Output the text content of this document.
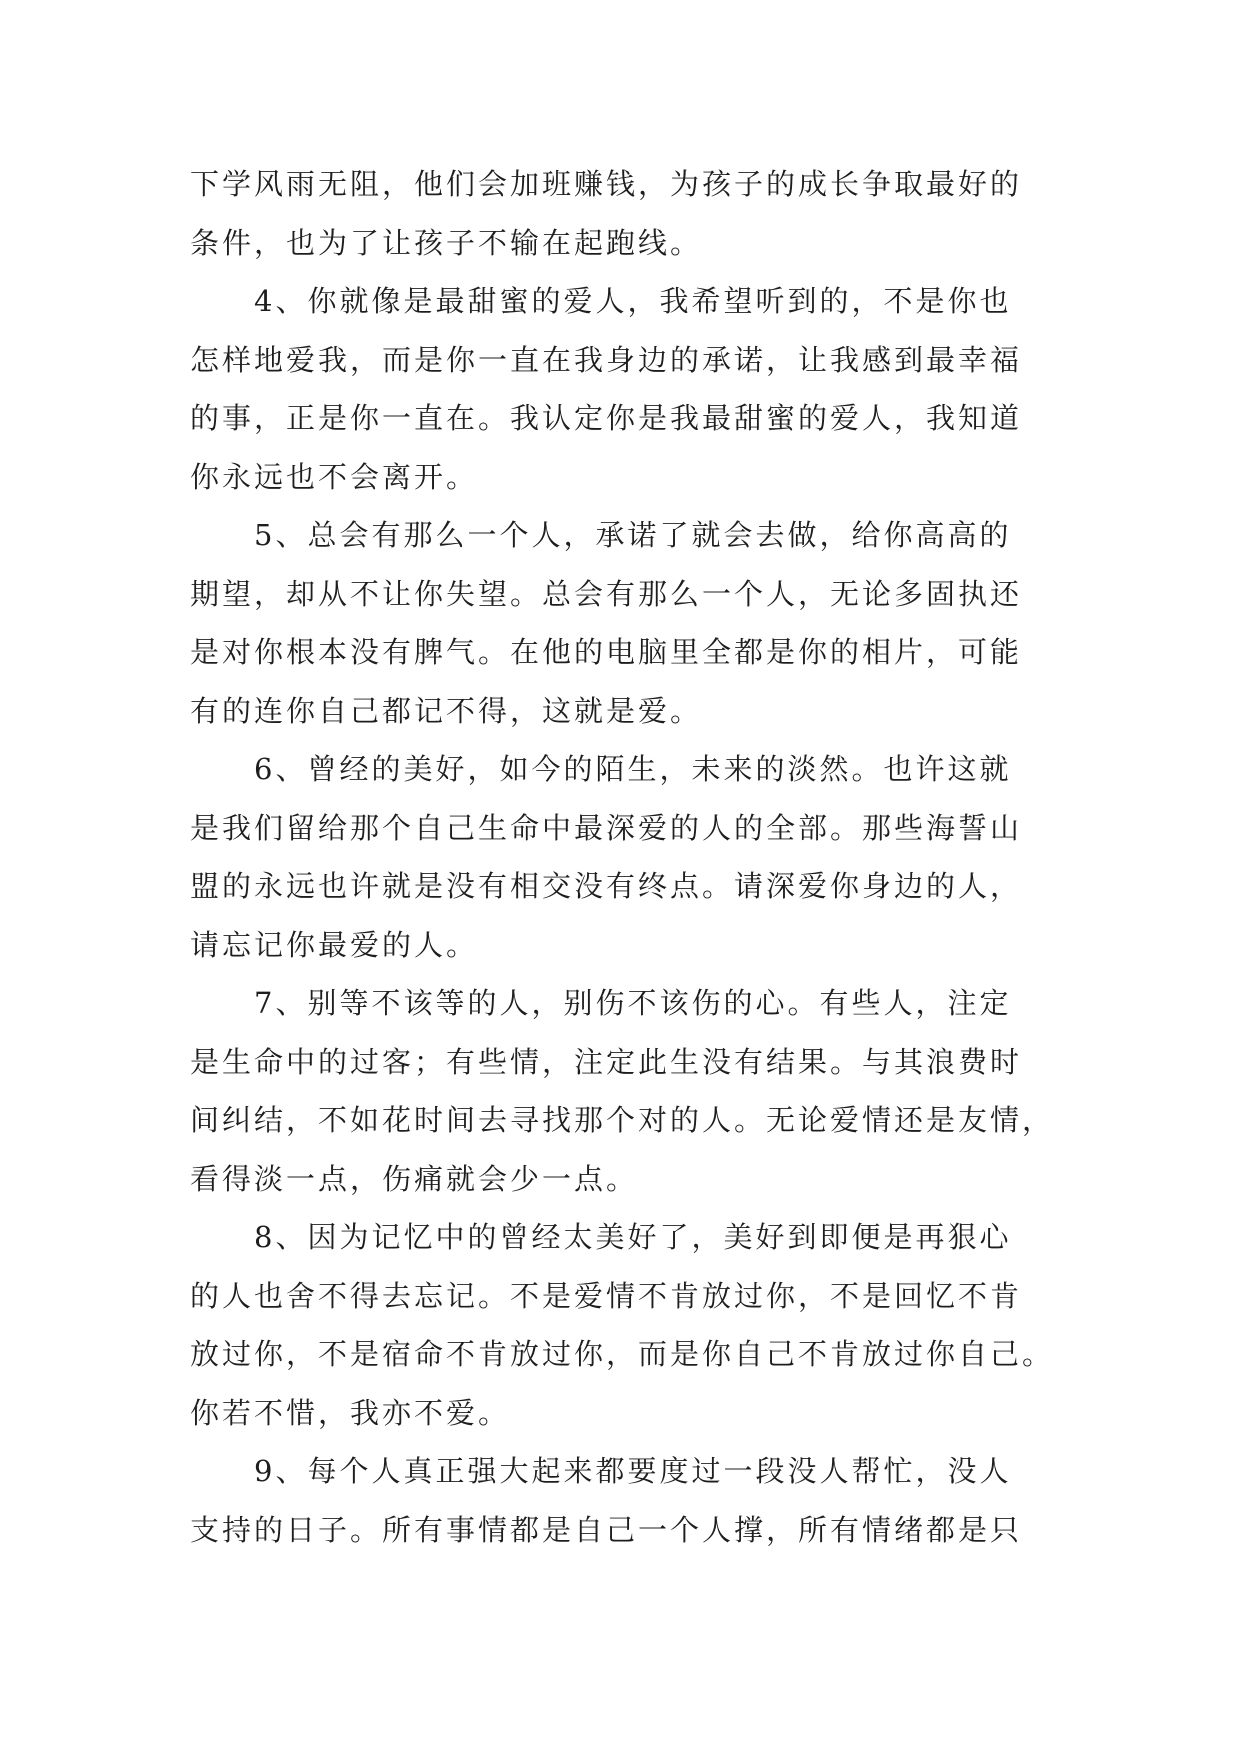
下学风雨无阻，他们会加班赚钱，为孩子的成长争取最好的
条件，也为了让孩子不输在起跑线。
　　4、你就像是最甜蜜的爱人，我希望听到的，不是你也
怎样地爱我，而是你一直在我身边的承诺，让我感到最幸福
的事，正是你一直在。我认定你是我最甜蜜的爱人，我知道
你永远也不会离开。
　　5、总会有那么一个人，承诺了就会去做，给你高高的
期望，却从不让你失望。总会有那么一个人，无论多固执还
是对你根本没有脾气。在他的电脑里全都是你的相片，可能
有的连你自己都记不得，这就是爱。
　　6、曾经的美好，如今的陌生，未来的淡然。也许这就
是我们留给那个自己生命中最深爱的人的全部。那些海誓山
盟的永远也许就是没有相交没有终点。请深爱你身边的人，
请忘记你最爱的人。
　　7、别等不该等的人，别伤不该伤的心。有些人，注定
是生命中的过客；有些情，注定此生没有结果。与其浪费时
间纠结，不如花时间去寻找那个对的人。无论爱情还是友情，
看得淡一点，伤痛就会少一点。
　　8、因为记忆中的曾经太美好了，美好到即便是再狠心
的人也舍不得去忘记。不是爱情不肯放过你，不是回忆不肯
放过你，不是宿命不肯放过你，而是你自己不肯放过你自己。
你若不惜，我亦不爱。
　　9、每个人真正强大起来都要度过一段没人帮忙，没人
支持的日子。所有事情都是自己一个人撑，所有情绪都是只
